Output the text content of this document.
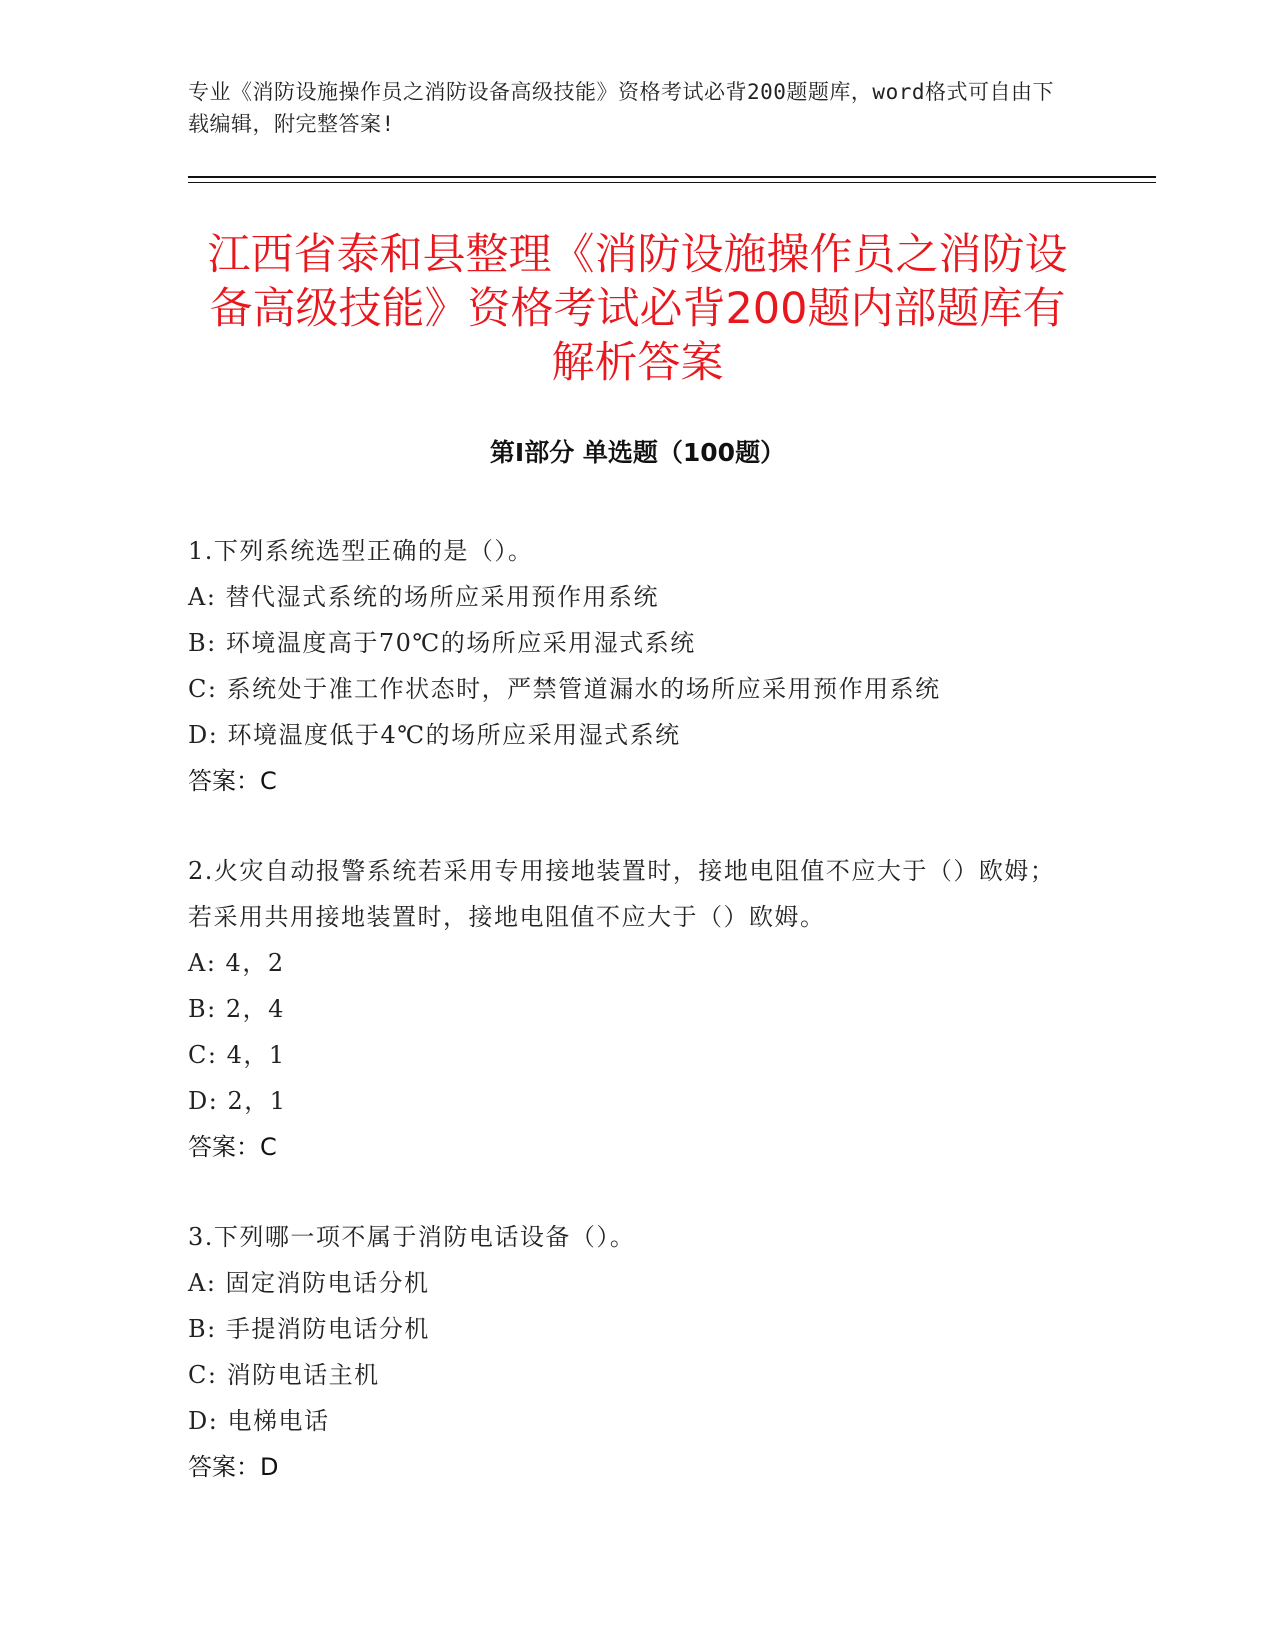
专业《消防设施操作员之消防设备高级技能》资格考试必背200题题库，word格式可自由下载编辑，附完整答案!
江西省泰和县整理《消防设施操作员之消防设备高级技能》资格考试必背200题内部题库有解析答案
第I部分 单选题（100题）
1.下列系统选型正确的是（）。
A: 替代湿式系统的场所应采用预作用系统
B: 环境温度高于70℃的场所应采用湿式系统
C: 系统处于准工作状态时，严禁管道漏水的场所应采用预作用系统
D: 环境温度低于4℃的场所应采用湿式系统
答案：C
2.火灾自动报警系统若采用专用接地装置时，接地电阻值不应大于（）欧姆；若采用共用接地装置时，接地电阻值不应大于（）欧姆。
A: 4，2
B: 2，4
C: 4，1
D: 2，1
答案：C
3.下列哪一项不属于消防电话设备（）。
A: 固定消防电话分机
B: 手提消防电话分机
C: 消防电话主机
D: 电梯电话
答案：D
